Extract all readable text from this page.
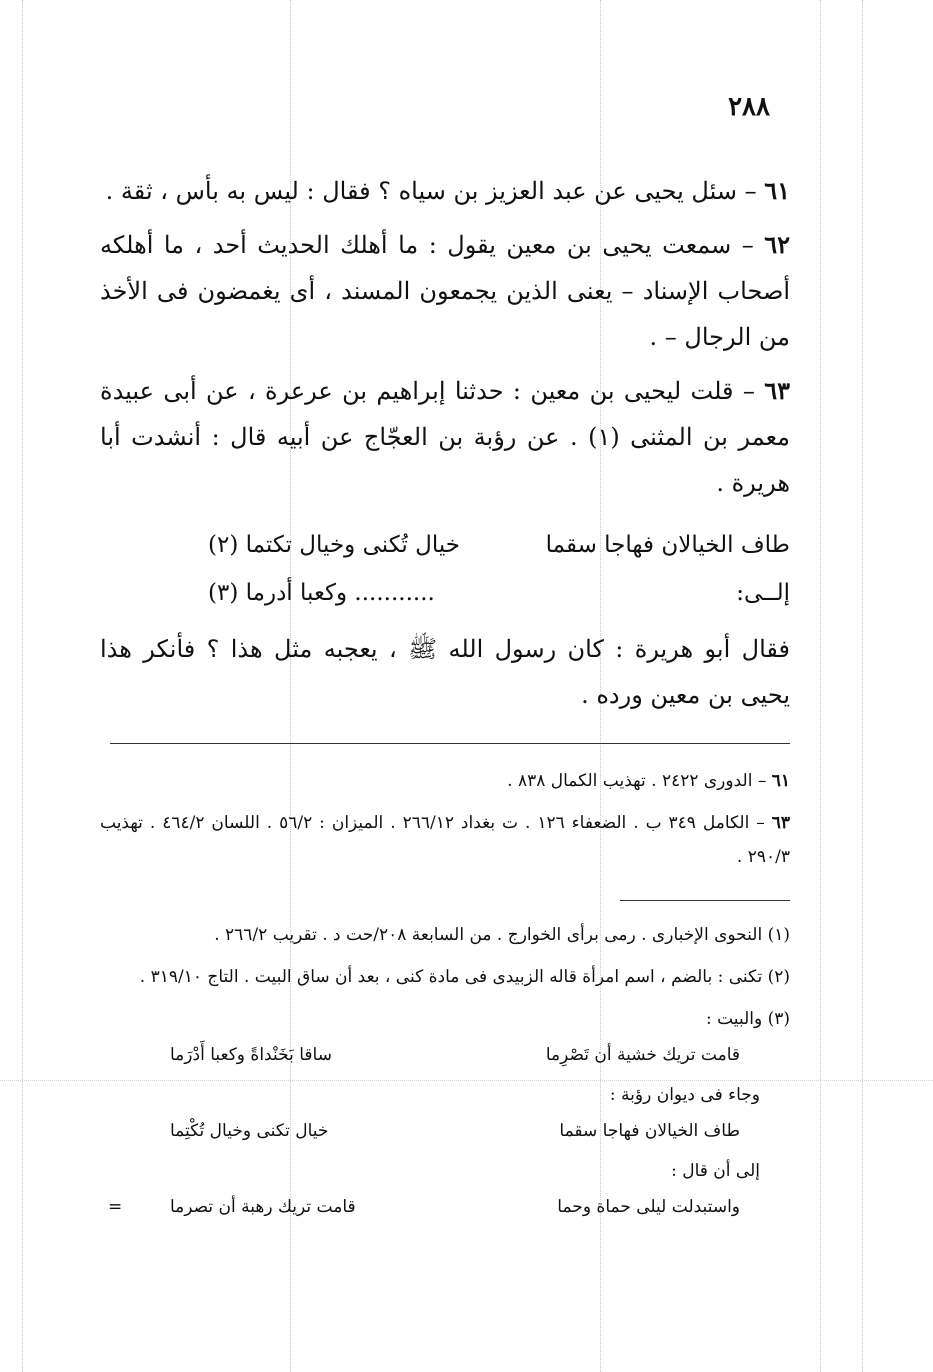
٢٨٨

٦١ – سئل يحيى عن عبد العزيز بن سياه ؟ فقال : ليس به بأس ، ثقة .

٦٢ – سمعت يحيى بن معين يقول : ما أهلك الحديث أحد ، ما أهلكه أصحاب الإسناد – يعنى الذين يجمعون المسند ، أى يغمضون فى الأخذ من الرجال – .

٦٣ – قلت ليحيى بن معين : حدثنا إبراهيم بن عرعرة ، عن أبى عبيدة معمر بن المثنى (١) . عن رؤبة بن العجّاج عن أبيه قال : أنشدت أبا هريرة .

طاف الخيالان فهاجا سقما
خيال تُكنى وخيال تكتما (٢)
إلــى:
........... وكعبا أدرما (٣)

فقال أبو هريرة : كان رسول الله ﷺ ، يعجبه مثل هذا ؟ فأنكر هذا يحيى بن معين ورده .

٦١ – الدورى ٢٤٢٢ . تهذيب الكمال ٨٣٨ .

٦٣ – الكامل ٣٤٩ ب . الضعفاء ١٢٦ . ت بغداد ٢٦٦/١٢ . الميزان : ٥٦/٢ . اللسان ٤٦٤/٢ . تهذيب ٢٩٠/٣ .

(١) النحوى الإخبارى . رمى برأى الخوارج . من السابعة ٢٠٨/حت د . تقريب ٢٦٦/٢ .

(٢) تكنى : بالضم ، اسم امرأة قاله الزبيدى فى مادة كنى ، بعد أن ساق البيت . التاج ٣١٩/١٠ .

(٣) والبيت :

قامت تريك خشية أن تَصْرِما
ساقا بَخَنْداةً وكعبا أَدْرَما

وجاء فى ديوان رؤبة :

طاف الخيالان فهاجا سقما
خيال تكنى وخيال تُكْتِما

إلى أن قال :

واستبدلت ليلى حماة وحما
قامت تريك رهبة أن تصرما
=
